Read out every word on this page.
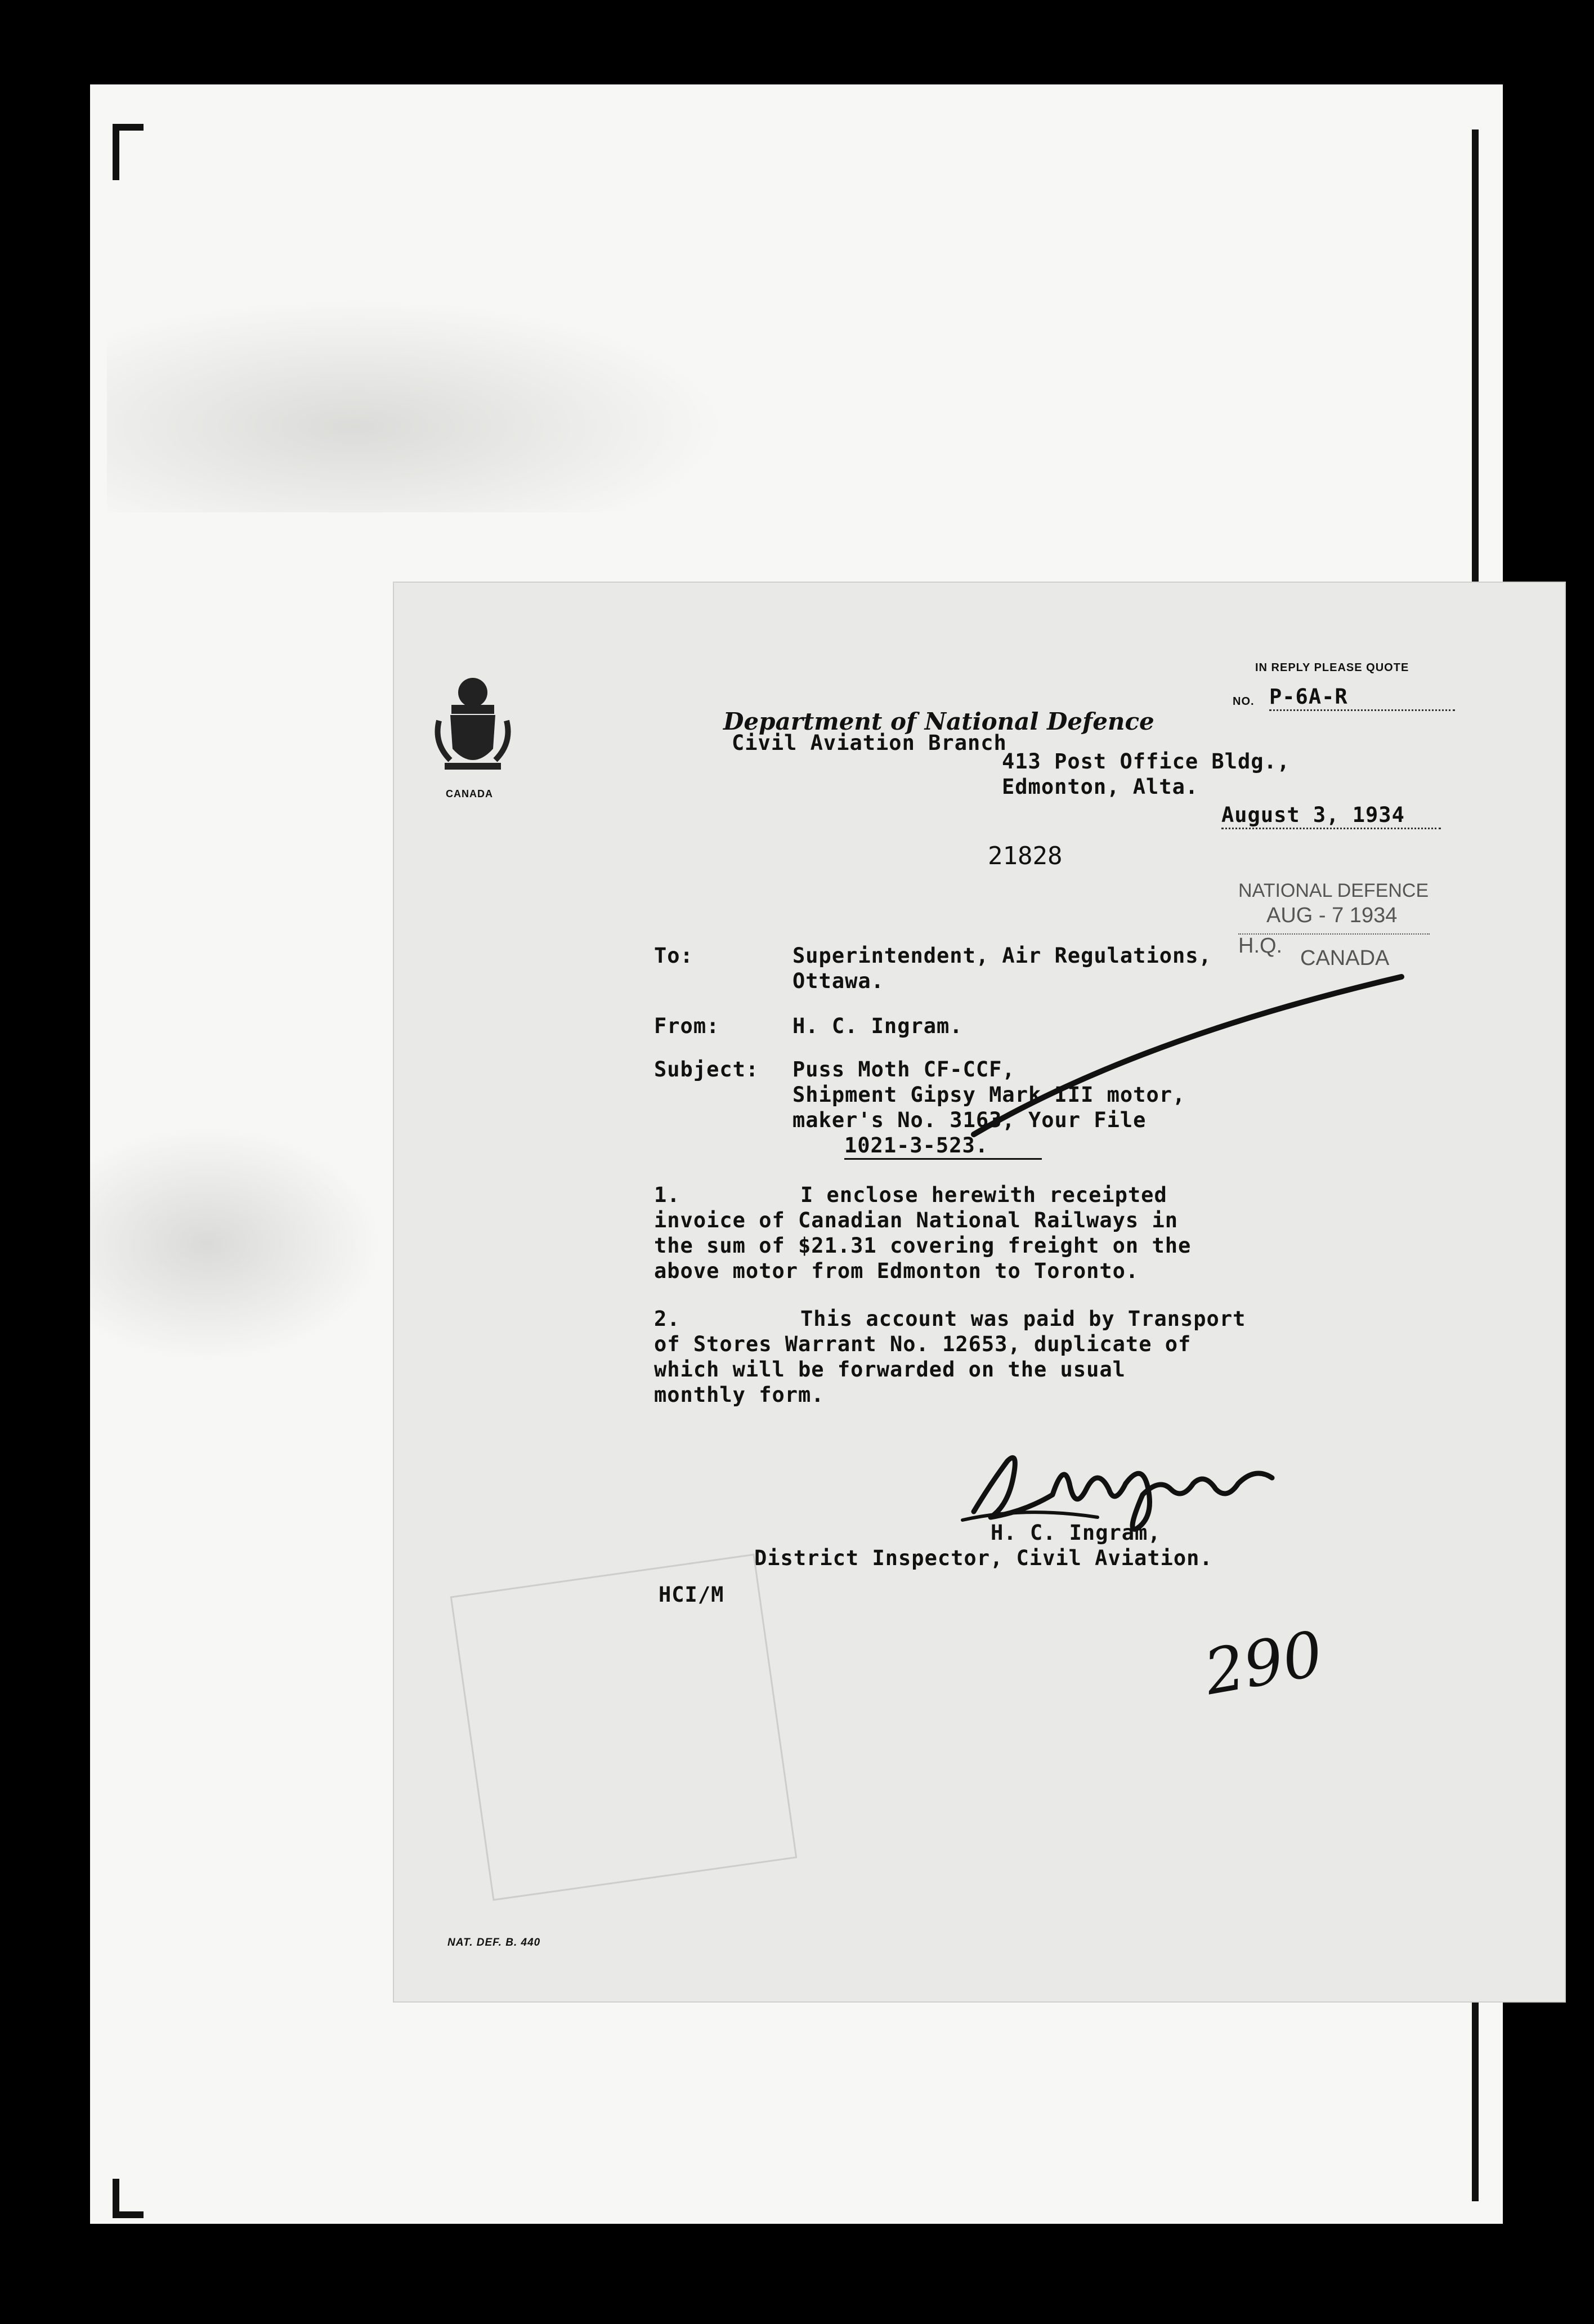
CANADA
Department of National Defence
Civil Aviation Branch
IN REPLY PLEASE QUOTE
NO. P-6A-R
413 Post Office Bldg.,
Edmonton, Alta.
August 3, 1934
21828
NATIONAL DEFENCE
AUG - 7 1934
H.Q.
CANADA
To:	Superintendent, Air Regulations,
Ottawa.
From:	H. C. Ingram.
Subject: Puss Moth CF-CCF,
Shipment Gipsy Mark III motor,
maker's No. 3163, Your File
1021-3-523.
1.	I enclose herewith receipted
invoice of Canadian National Railways in
the sum of $21.31 covering freight on the
above motor from Edmonton to Toronto.
2.	This account was paid by Transport
of Stores Warrant No. 12653, duplicate of
which will be forwarded on the usual
monthly form.
H. C. Ingram,
District Inspector, Civil Aviation.
HCI/M
290
NAT. DEF. B. 440
